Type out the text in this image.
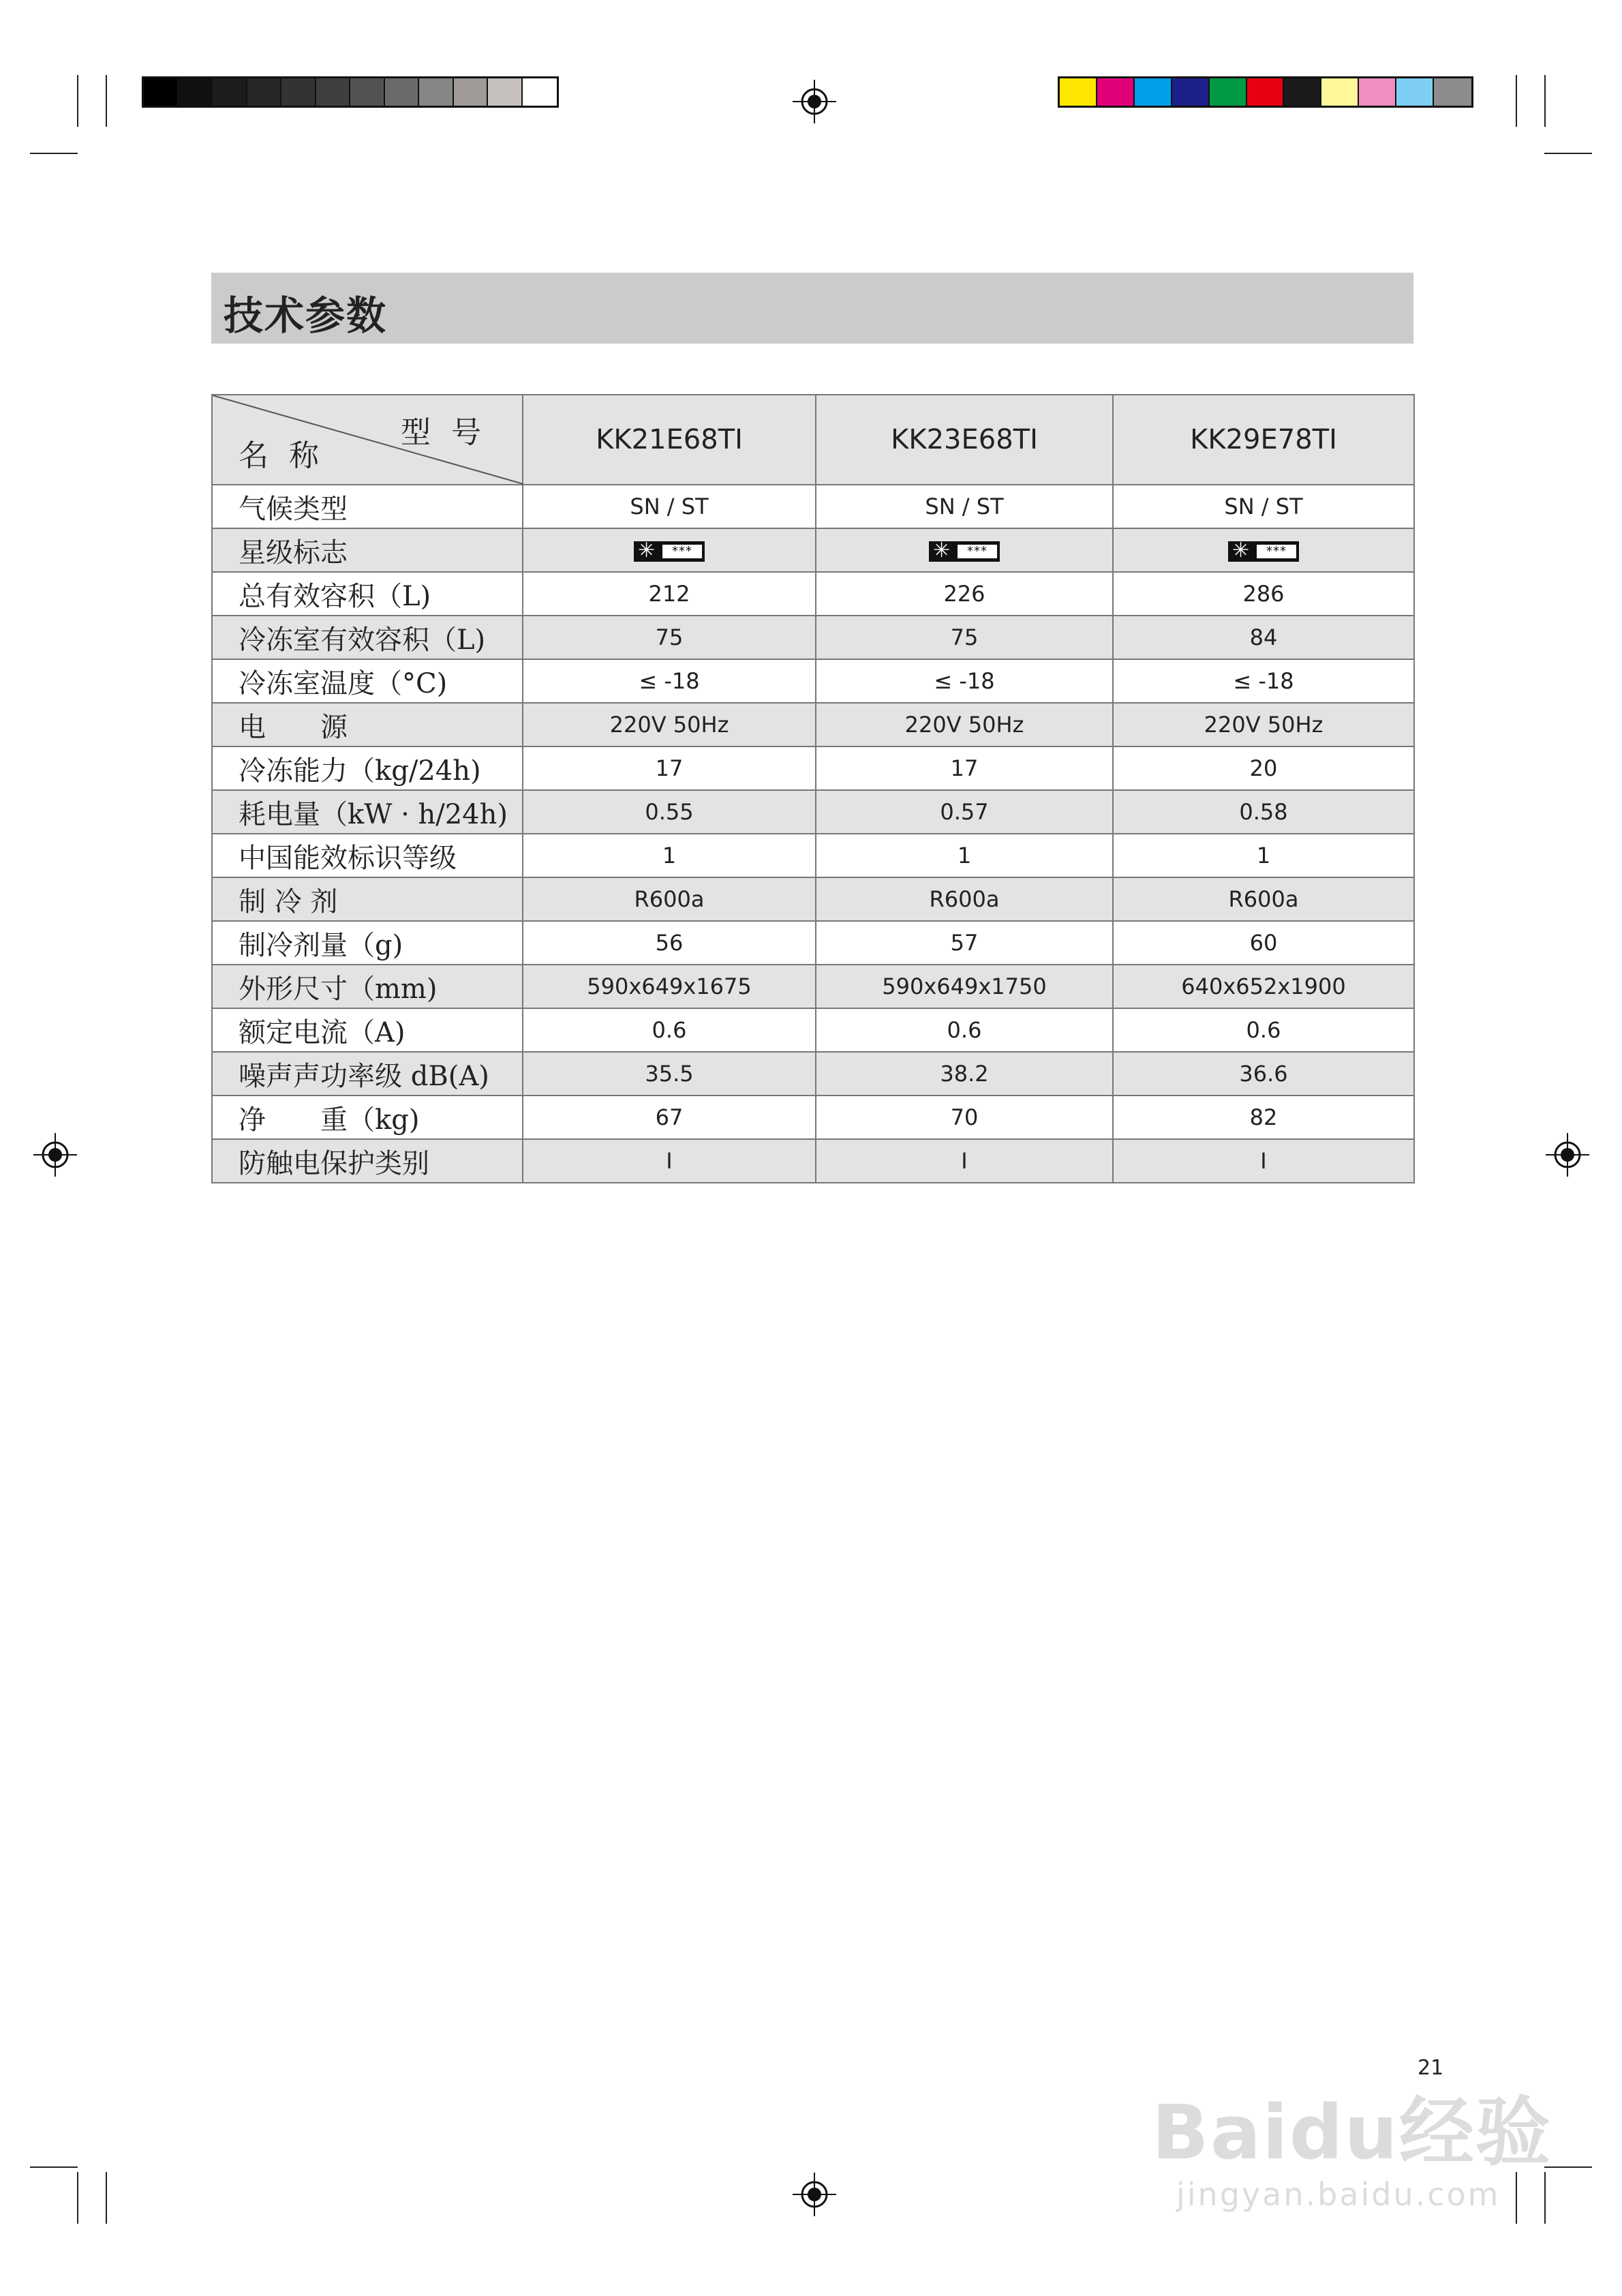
技术参数
型号
名称	KK21E68TI	KK23E68TI	KK29E78TI
气候类型	SN / ST	SN / ST	SN / ST
星级标志	✳ ***	✳ ***	✳ ***

总有效容积（L)	212	226	286
冷冻室有效容积（L)	75	75	84
冷冻室温度（°C)	≤ -18	≤ -18	≤ -18
电　　源	220V 50Hz	220V 50Hz	220V 50Hz
冷冻能力（kg/24h)	17	17	20
耗电量（kW · h/24h)	0.55	0.57	0.58
中国能效标识等级	1	1	1
制 冷 剂	R600a	R600a	R600a
制冷剂量（g)	56	57	60
外形尺寸（mm)	590x649x1675	590x649x1750	640x652x1900
额定电流（A)	0.6	0.6	0.6
噪声声功率级 dB(A)	35.5	38.2	36.6
净　　重（kg)	67	70	82
防触电保护类别	I	I	I
21
Baidu经验
jingyan.baidu.com
